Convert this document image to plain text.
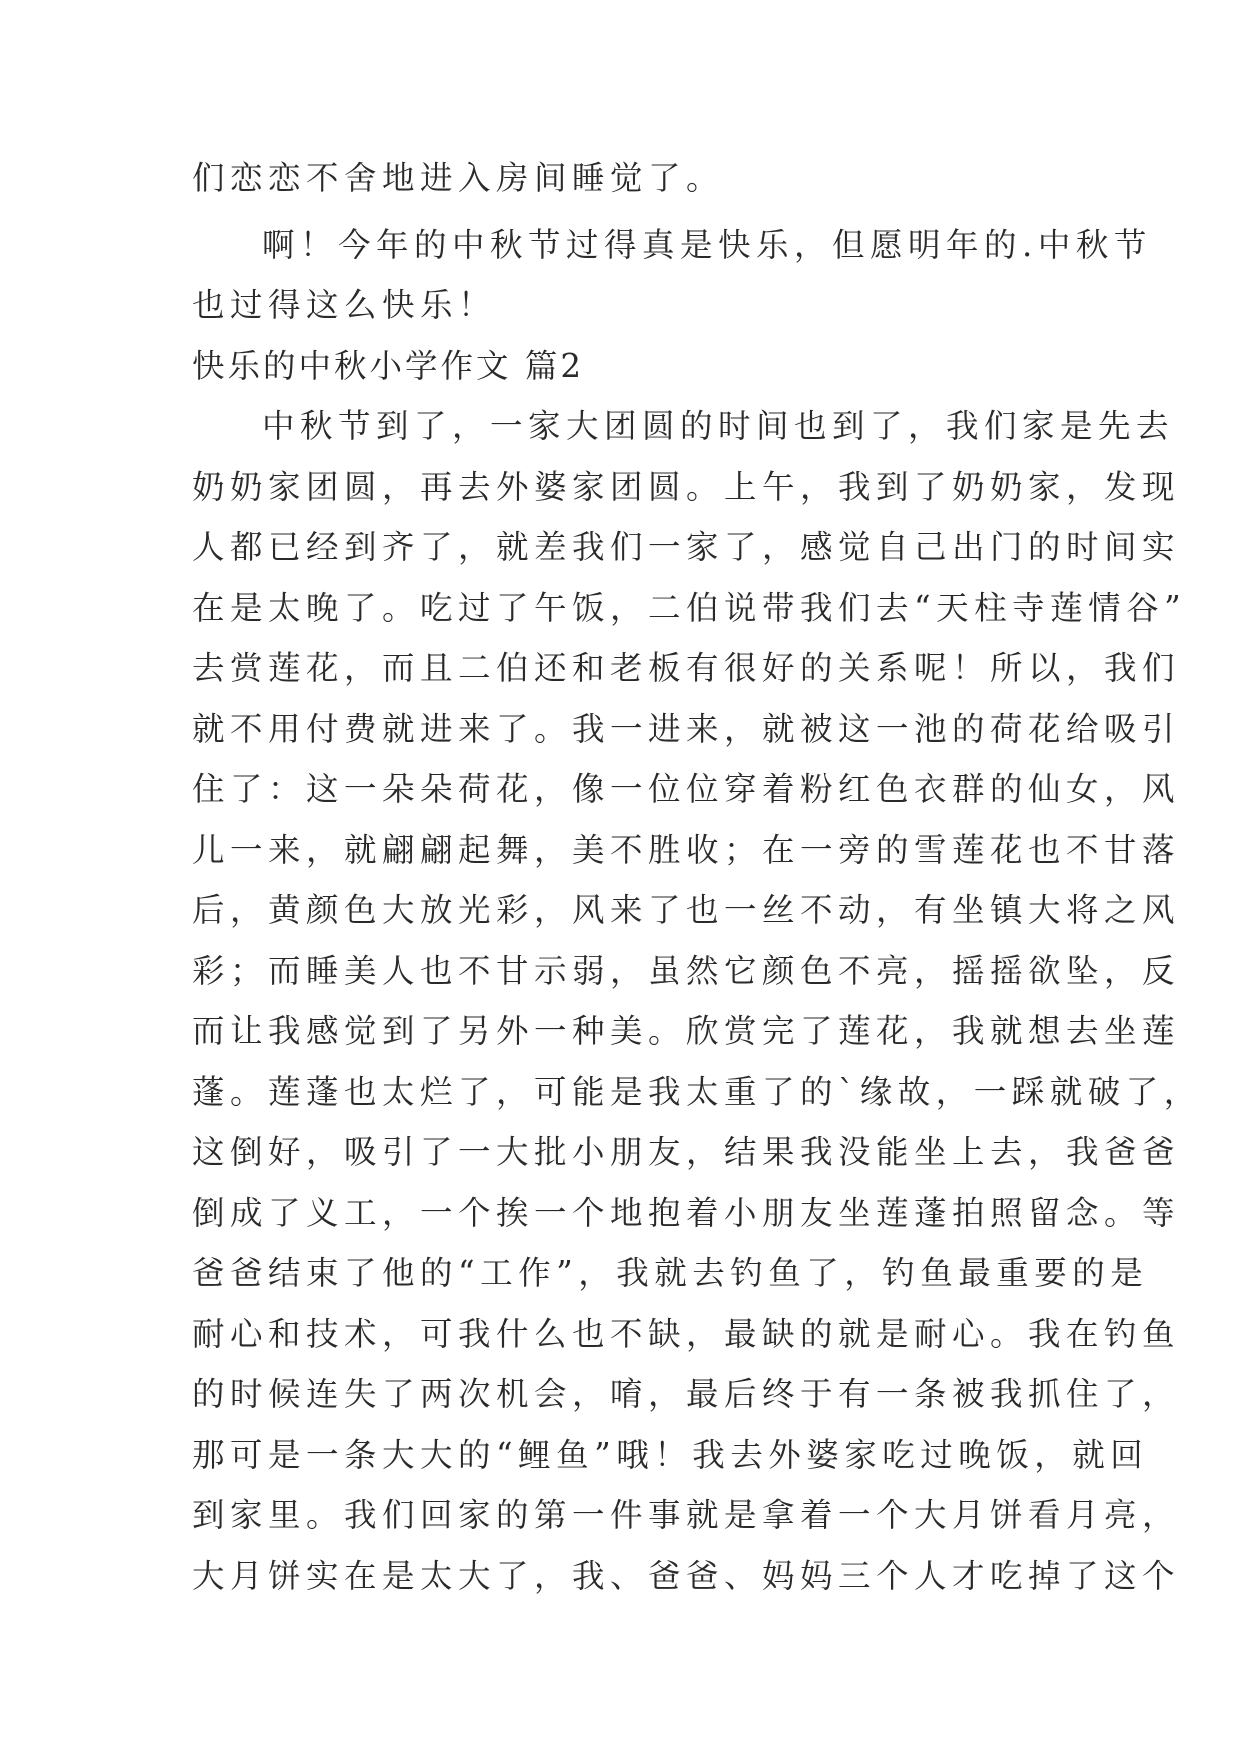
们恋恋不舍地进入房间睡觉了。
啊！今年的中秋节过得真是快乐，但愿明年的.中秋节
也过得这么快乐！
快乐的中秋小学作文 篇2
中秋节到了，一家大团圆的时间也到了，我们家是先去
奶奶家团圆，再去外婆家团圆。上午，我到了奶奶家，发现
人都已经到齐了，就差我们一家了，感觉自己出门的时间实
在是太晚了。吃过了午饭，二伯说带我们去“天柱寺莲情谷”
去赏莲花，而且二伯还和老板有很好的关系呢！所以，我们
就不用付费就进来了。我一进来，就被这一池的荷花给吸引
住了：这一朵朵荷花，像一位位穿着粉红色衣群的仙女，风
儿一来，就翩翩起舞，美不胜收；在一旁的雪莲花也不甘落
后，黄颜色大放光彩，风来了也一丝不动，有坐镇大将之风
彩；而睡美人也不甘示弱，虽然它颜色不亮，摇摇欲坠，反
而让我感觉到了另外一种美。欣赏完了莲花，我就想去坐莲
蓬。莲蓬也太烂了，可能是我太重了的`缘故，一踩就破了，
这倒好，吸引了一大批小朋友，结果我没能坐上去，我爸爸
倒成了义工，一个挨一个地抱着小朋友坐莲蓬拍照留念。等
爸爸结束了他的“工作”，我就去钓鱼了，钓鱼最重要的是
耐心和技术，可我什么也不缺，最缺的就是耐心。我在钓鱼
的时候连失了两次机会，唷，最后终于有一条被我抓住了，
那可是一条大大的“鲤鱼”哦！我去外婆家吃过晚饭，就回
到家里。我们回家的第一件事就是拿着一个大月饼看月亮，
大月饼实在是太大了，我、爸爸、妈妈三个人才吃掉了这个
